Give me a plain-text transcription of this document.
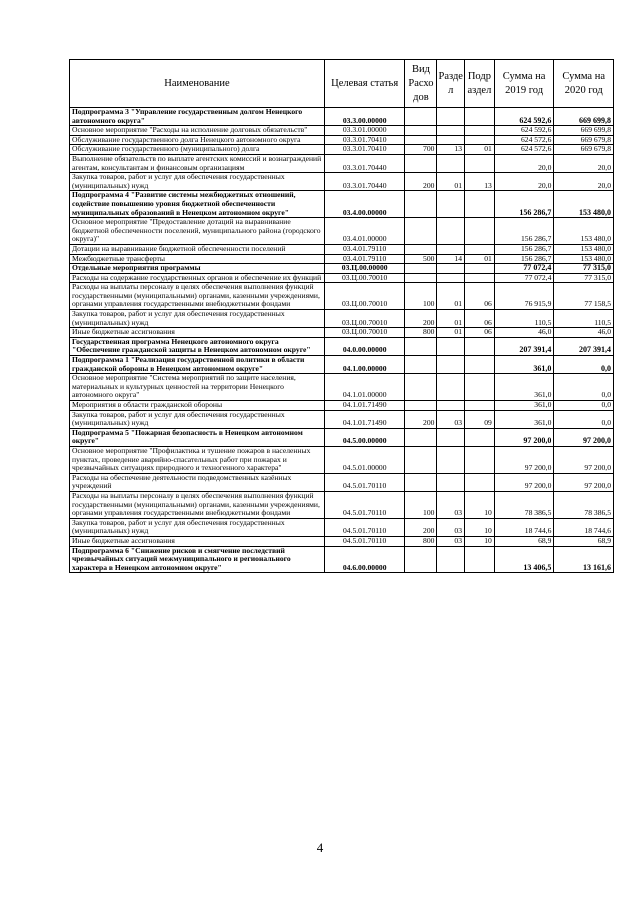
Наименование	Целевая статья	Вид Расхо дов	Разде л	Подр аздел	Сумма на 2019 год	Сумма на 2020 год
Подпрограмма 3 "Управление государственным долгом Ненецкого автономного округа"	03.3.00.00000				624 592,6	669 699,8
Основное мероприятие "Расходы на исполнение долговых обязательств"	03.3.01.00000				624 592,6	669 699,8
Обслуживание государственного долга Ненецкого автономного округа	03.3.01.70410				624 572,6	669 679,8
Обслуживание государственного (муниципального) долга	03.3.01.70410	700	13	01	624 572,6	669 679,8
Выполнение обязательств по выплате агентских комиссий и вознаграждений агентам, консультантам и финансовым организациям	03.3.01.70440				20,0	20,0
Закупка товаров, работ и услуг для обеспечения государственных (муниципальных) нужд	03.3.01.70440	200	01	13	20,0	20,0
Подпрограмма 4 "Развитие системы межбюджетных отношений, содействие повышению уровня бюджетной обеспеченности муниципальных образований в Ненецком автономном округе"	03.4.00.00000				156 286,7	153 480,0
Основное мероприятие "Предоставление дотаций на выравнивание бюджетной обеспеченности поселений, муниципального района (городского округа)"	03.4.01.00000				156 286,7	153 480,0
Дотации на выравнивание бюджетной обеспеченности поселений	03.4.01.79110				156 286,7	153 480,0
Межбюджетные трансферты	03.4.01.79110	500	14	01	156 286,7	153 480,0
Отдельные мероприятия программы	03.Ц.00.00000				77 072,4	77 315,0
Расходы на содержание государственных органов и обеспечение их функций	03.Ц.00.70010				77 072,4	77 315,0
Расходы на выплаты персоналу в целях обеспечения выполнения функций государственными (муниципальными) органами, казенными учреждениями, органами управления государственными внебюджетными фондами	03.Ц.00.70010	100	01	06	76 915,9	77 158,5
Закупка товаров, работ и услуг для обеспечения государственных (муниципальных) нужд	03.Ц.00.70010	200	01	06	110,5	110,5
Иные бюджетные ассигнования	03.Ц.00.70010	800	01	06	46,0	46,0
Государственная программа Ненецкого автономного округа "Обеспечение гражданской защиты в Ненецком автономном округе"	04.0.00.00000				207 391,4	207 391,4
Подпрограмма 1 "Реализация государственной политики в области гражданской обороны в Ненецком автономном округе"	04.1.00.00000				361,0	0,0
Основное мероприятие "Система мероприятий по защите населения, материальных и культурных ценностей на территории Ненецкого автономного округа"	04.1.01.00000				361,0	0,0
Мероприятия в области гражданской обороны	04.1.01.71490				361,0	0,0
Закупка товаров, работ и услуг для обеспечения государственных (муниципальных) нужд	04.1.01.71490	200	03	09	361,0	0,0
Подпрограмма 5 "Пожарная безопасность в Ненецком автономном округе"	04.5.00.00000				97 200,0	97 200,0
Основное мероприятие "Профилактика и тушение пожаров в населенных пунктах, проведение аварийно-спасательных работ при пожарах и чрезвычайных ситуациях природного и техногенного характера"	04.5.01.00000				97 200,0	97 200,0
Расходы на обеспечение деятельности подведомственных казённых учреждений	04.5.01.70110				97 200,0	97 200,0
Расходы на выплаты персоналу в целях обеспечения выполнения функций государственными (муниципальными) органами, казенными учреждениями, органами управления государственными внебюджетными фондами	04.5.01.70110	100	03	10	78 386,5	78 386,5
Закупка товаров, работ и услуг для обеспечения государственных (муниципальных) нужд	04.5.01.70110	200	03	10	18 744,6	18 744,6
Иные бюджетные ассигнования	04.5.01.70110	800	03	10	68,9	68,9
Подпрограмма 6 "Снижение рисков и смягчение последствий чрезвычайных ситуаций межмуниципального и регионального характера в Ненецком автономном округе"	04.6.00.00000				13 406,5	13 161,6
4
